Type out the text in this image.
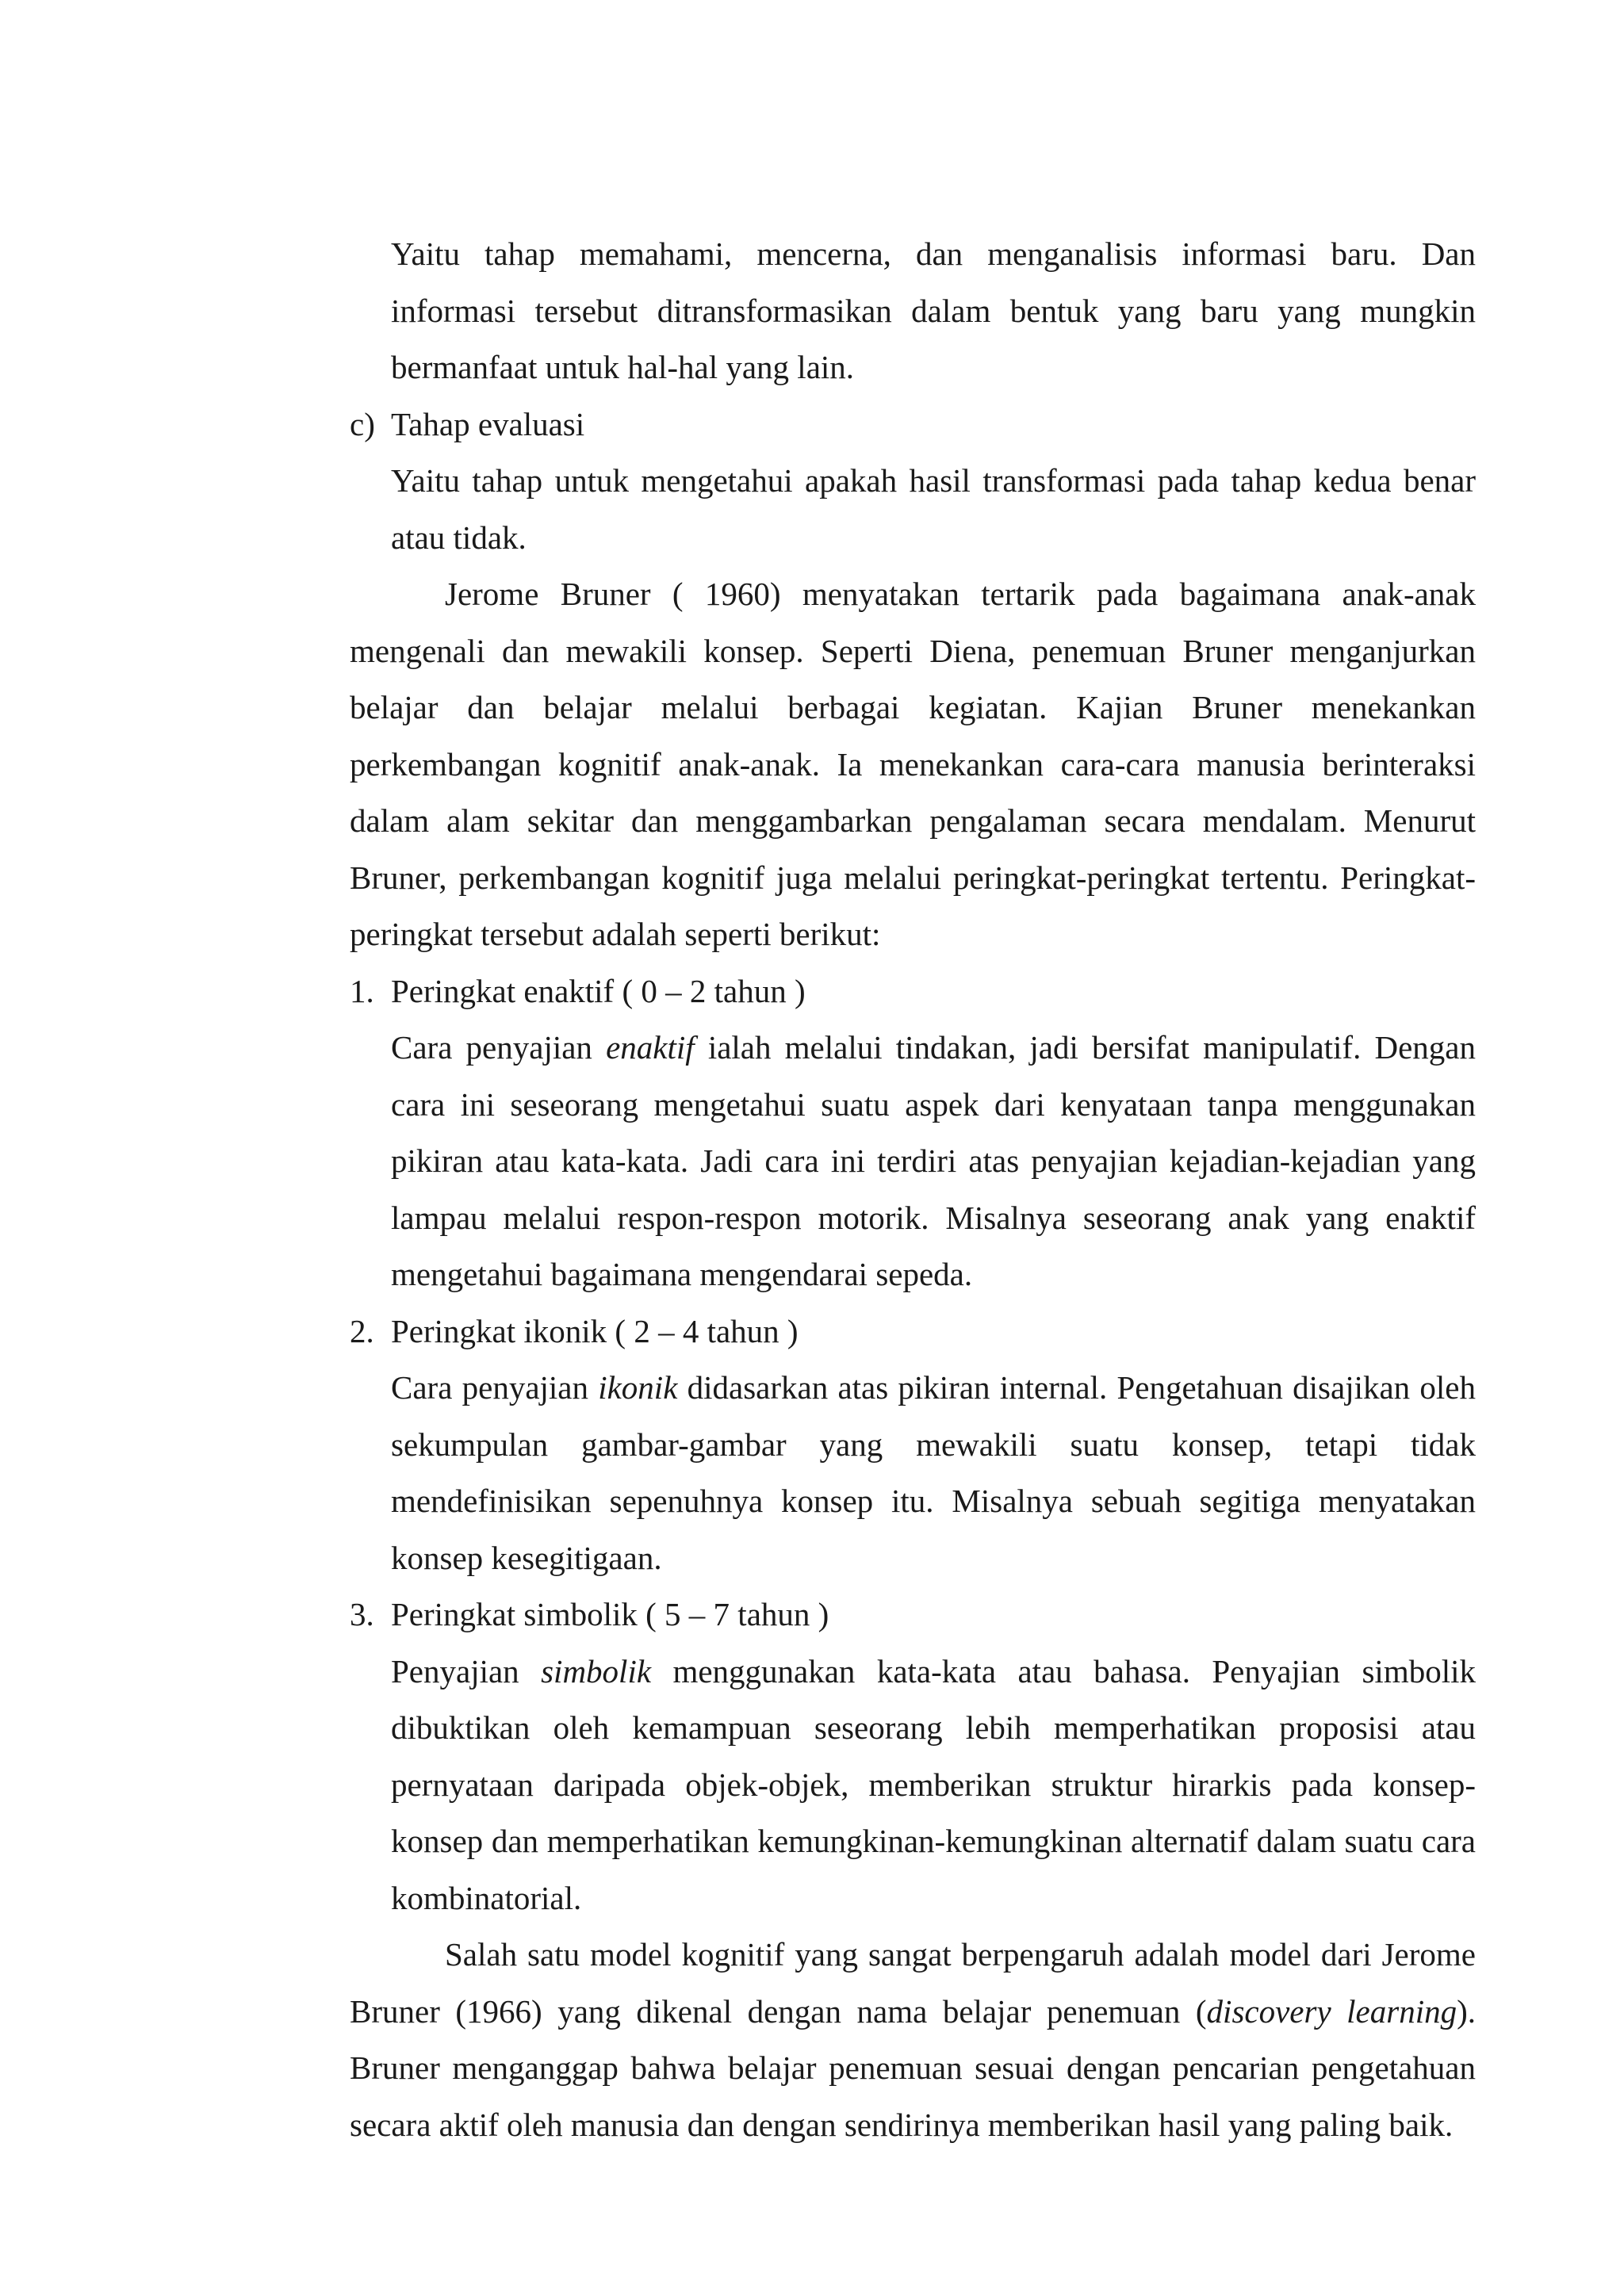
Yaitu tahap memahami, mencerna, dan menganalisis informasi baru. Dan informasi tersebut ditransformasikan dalam bentuk yang baru yang mungkin bermanfaat untuk hal-hal yang lain.

c) Tahap evaluasi

Yaitu tahap untuk mengetahui apakah hasil transformasi pada tahap kedua benar atau tidak.

Jerome Bruner ( 1960) menyatakan tertarik pada bagaimana anak-anak mengenali dan mewakili konsep. Seperti Diena, penemuan Bruner menganjurkan belajar dan belajar melalui berbagai kegiatan. Kajian Bruner menekankan perkembangan kognitif anak-anak. Ia menekankan cara-cara manusia berinteraksi dalam alam sekitar dan menggambarkan pengalaman secara mendalam. Menurut Bruner, perkembangan kognitif juga melalui peringkat-peringkat tertentu. Peringkat-peringkat tersebut adalah seperti berikut:

1. Peringkat enaktif ( 0 – 2 tahun )

Cara penyajian enaktif ialah melalui tindakan, jadi bersifat manipulatif. Dengan cara ini seseorang mengetahui suatu aspek dari kenyataan tanpa menggunakan pikiran atau kata-kata. Jadi cara ini terdiri atas penyajian kejadian-kejadian yang lampau melalui respon-respon motorik. Misalnya seseorang anak yang enaktif mengetahui bagaimana mengendarai sepeda.

2. Peringkat ikonik ( 2 – 4 tahun )

Cara penyajian ikonik didasarkan atas pikiran internal. Pengetahuan disajikan oleh sekumpulan gambar-gambar yang mewakili suatu konsep, tetapi tidak mendefinisikan sepenuhnya konsep itu. Misalnya sebuah segitiga menyatakan konsep kesegitigaan.

3. Peringkat simbolik ( 5 – 7 tahun )

Penyajian simbolik menggunakan kata-kata atau bahasa. Penyajian simbolik dibuktikan oleh kemampuan seseorang lebih memperhatikan proposisi atau pernyataan daripada objek-objek, memberikan struktur hirarkis pada konsep-konsep dan memperhatikan kemungkinan-kemungkinan alternatif dalam suatu cara kombinatorial.

Salah satu model kognitif yang sangat berpengaruh adalah model dari Jerome Bruner (1966) yang dikenal dengan nama belajar penemuan (discovery learning). Bruner menganggap bahwa belajar penemuan sesuai dengan pencarian pengetahuan secara aktif oleh manusia dan dengan sendirinya memberikan hasil yang paling baik.
